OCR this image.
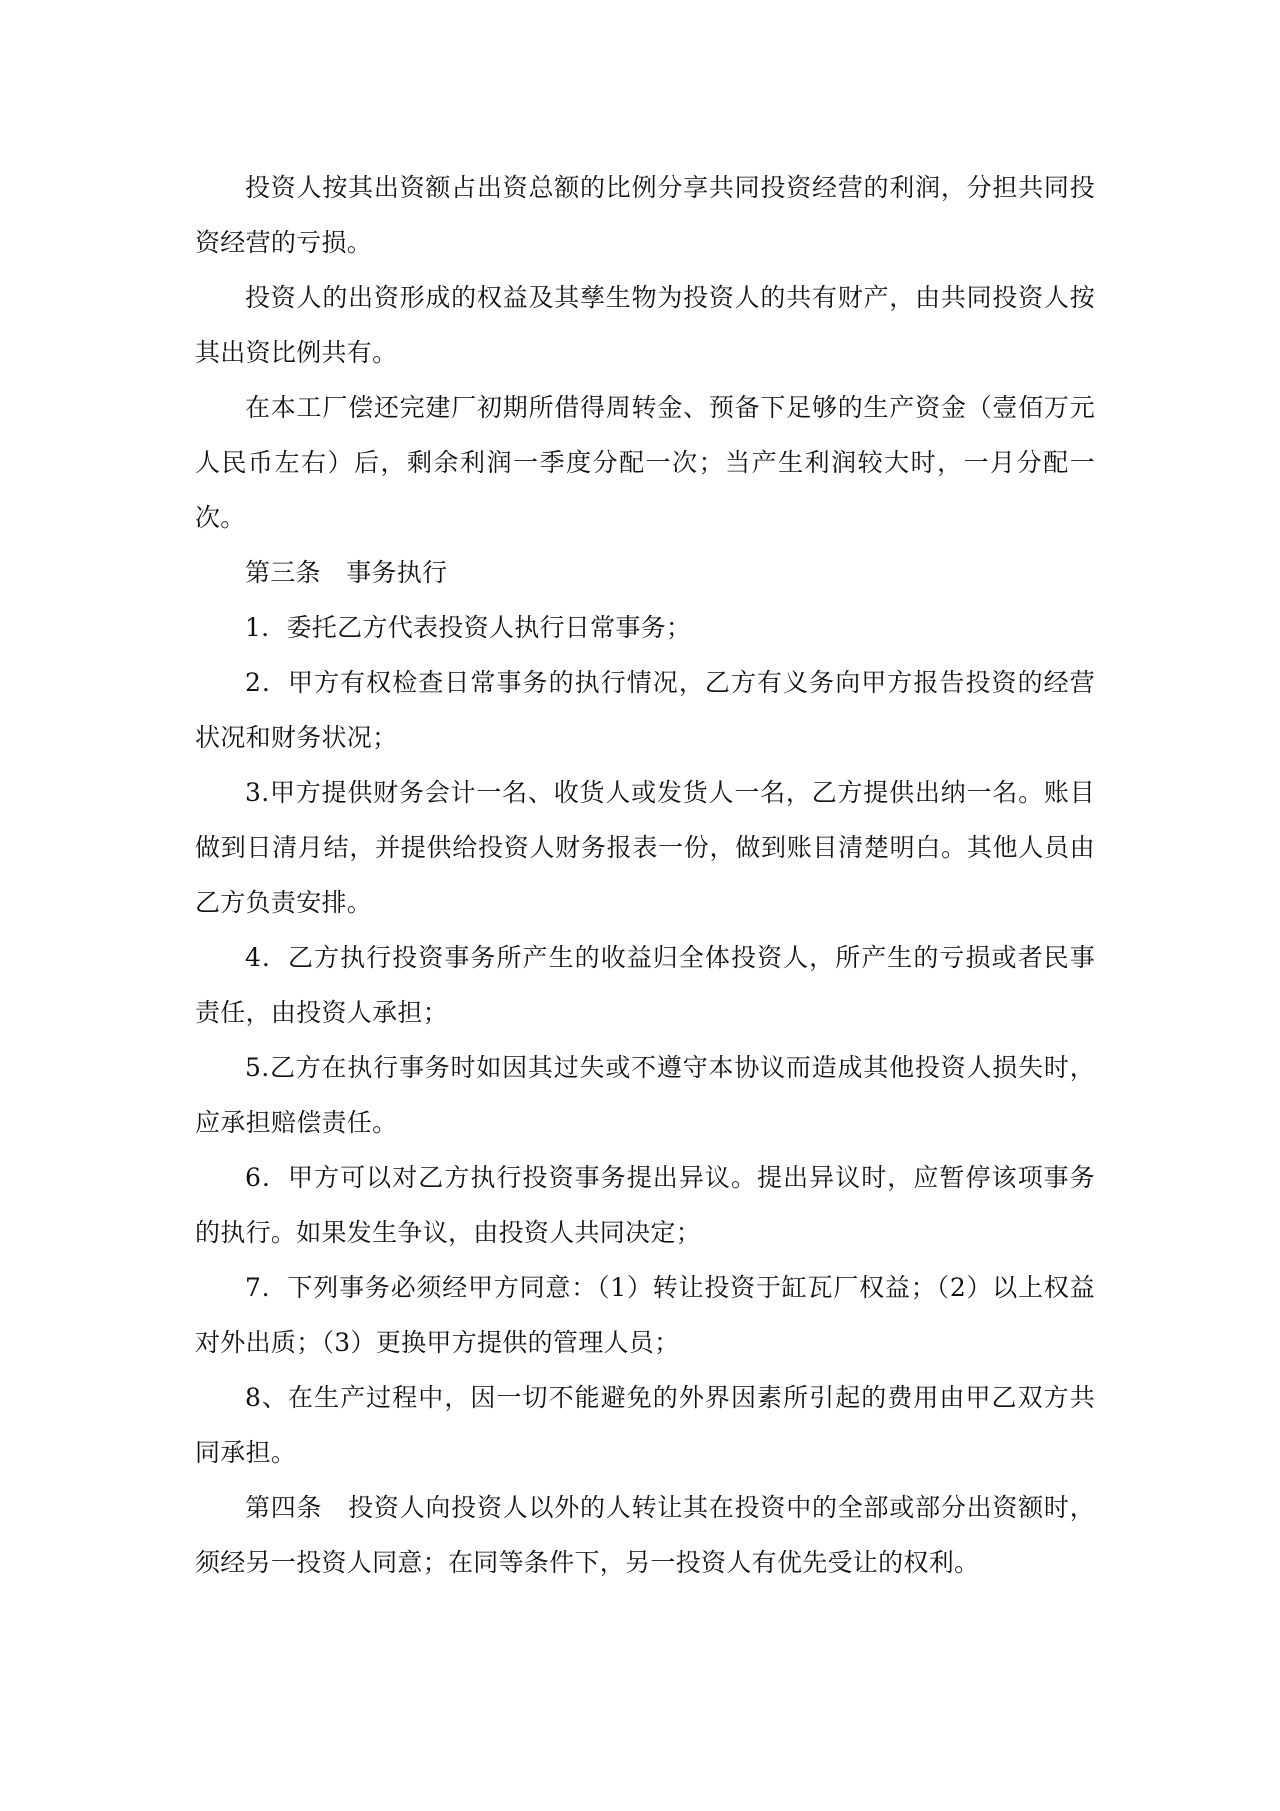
投资人按其出资额占出资总额的比例分享共同投资经营的利润，分担共同投资经营的亏损。

投资人的出资形成的权益及其孳生物为投资人的共有财产，由共同投资人按其出资比例共有。

在本工厂偿还完建厂初期所借得周转金、预备下足够的生产资金（壹佰万元人民币左右）后，剩余利润一季度分配一次；当产生利润较大时，一月分配一次。

第三条　事务执行

1．委托乙方代表投资人执行日常事务；

2．甲方有权检查日常事务的执行情况，乙方有义务向甲方报告投资的经营状况和财务状况；

3.甲方提供财务会计一名、收货人或发货人一名，乙方提供出纳一名。账目做到日清月结，并提供给投资人财务报表一份，做到账目清楚明白。其他人员由乙方负责安排。

4．乙方执行投资事务所产生的收益归全体投资人，所产生的亏损或者民事责任，由投资人承担；

5.乙方在执行事务时如因其过失或不遵守本协议而造成其他投资人损失时，应承担赔偿责任。

6．甲方可以对乙方执行投资事务提出异议。提出异议时，应暂停该项事务的执行。如果发生争议，由投资人共同决定；

7．下列事务必须经甲方同意：（1）转让投资于缸瓦厂权益；（2）以上权益对外出质；（3）更换甲方提供的管理人员；

8、在生产过程中，因一切不能避免的外界因素所引起的费用由甲乙双方共同承担。

第四条　投资人向投资人以外的人转让其在投资中的全部或部分出资额时，须经另一投资人同意；在同等条件下，另一投资人有优先受让的权利。
